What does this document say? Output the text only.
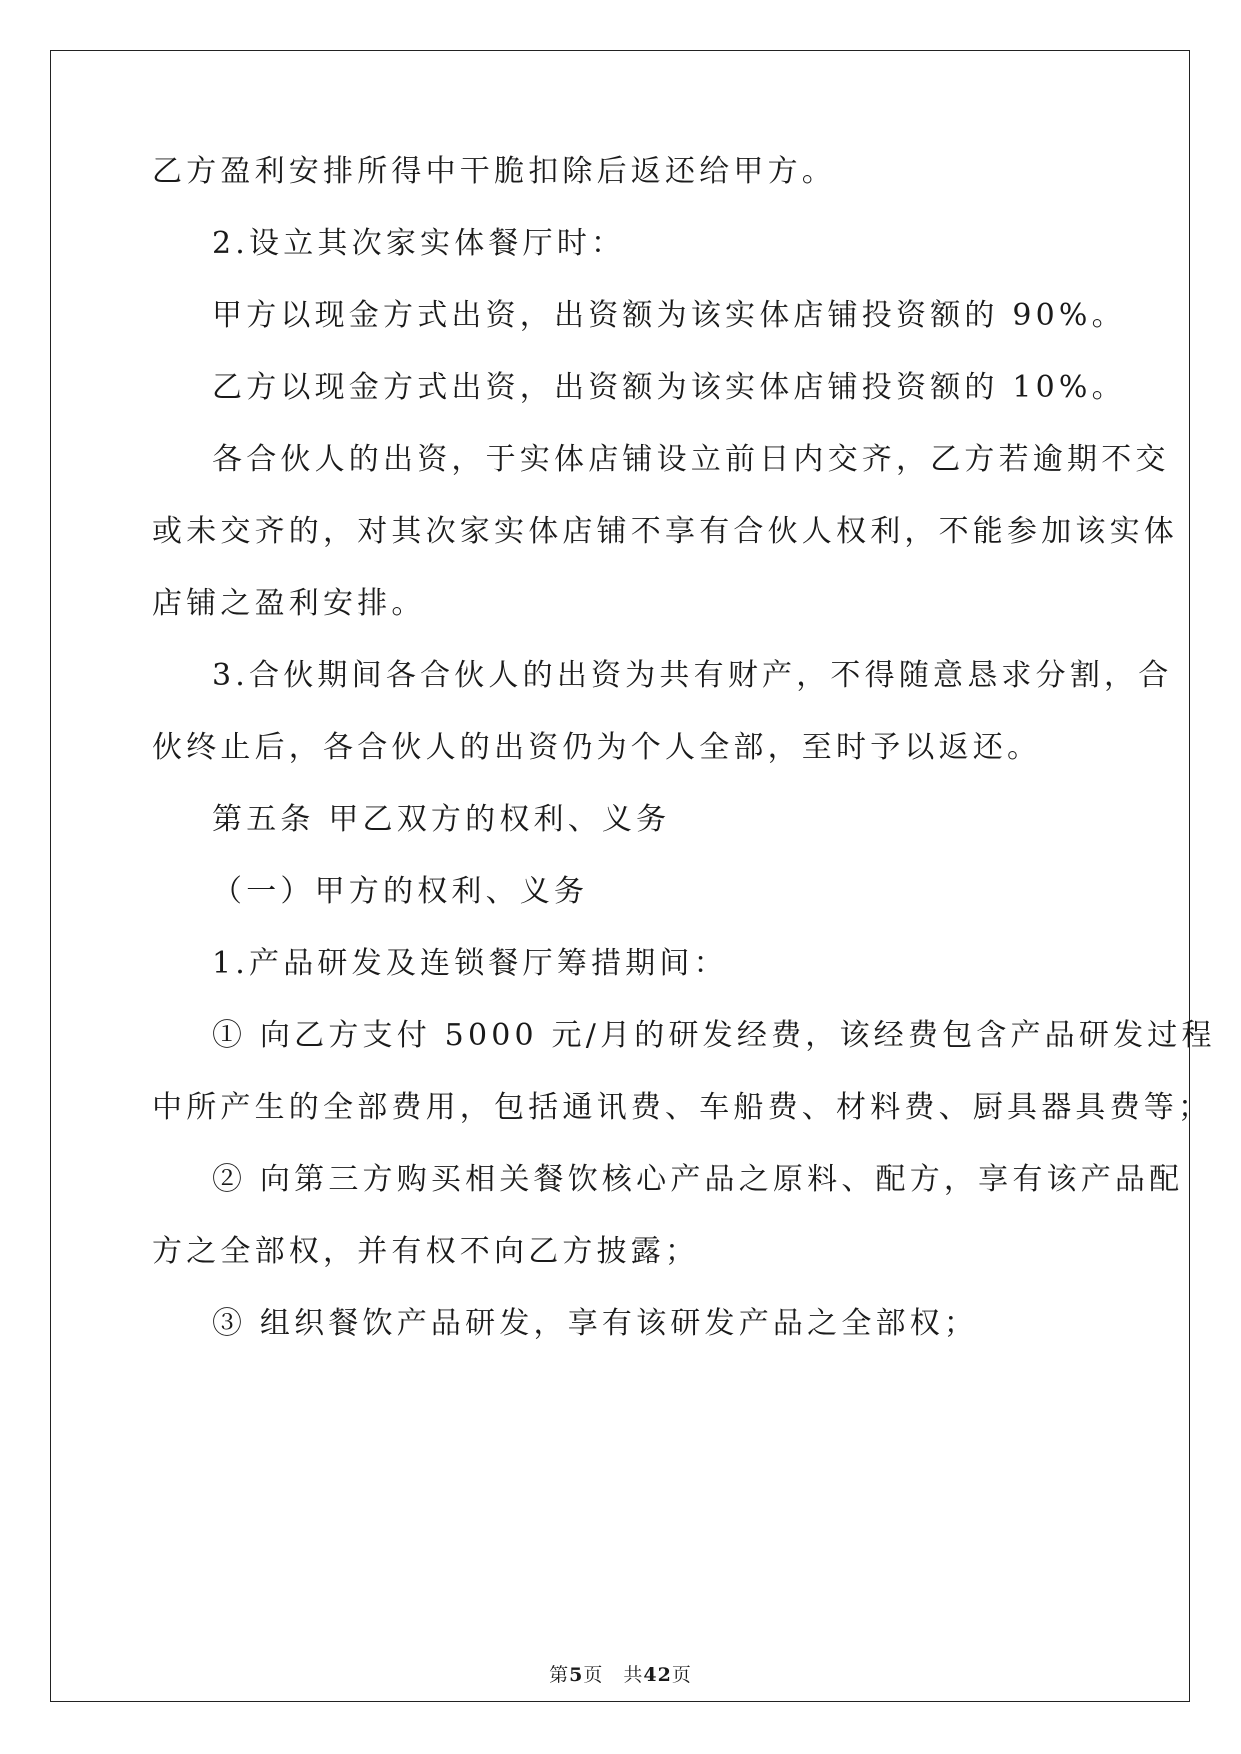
乙方盈利安排所得中干脆扣除后返还给甲方。
2.设立其次家实体餐厅时：
甲方以现金方式出资，出资额为该实体店铺投资额的 90%。
乙方以现金方式出资，出资额为该实体店铺投资额的 10%。
各合伙人的出资，于实体店铺设立前日内交齐，乙方若逾期不交
或未交齐的，对其次家实体店铺不享有合伙人权利，不能参加该实体
店铺之盈利安排。
3.合伙期间各合伙人的出资为共有财产，不得随意恳求分割，合
伙终止后，各合伙人的出资仍为个人全部，至时予以返还。
第五条 甲乙双方的权利、义务
（一）甲方的权利、义务
1.产品研发及连锁餐厅筹措期间：
① 向乙方支付 5000 元/月的研发经费，该经费包含产品研发过程
中所产生的全部费用，包括通讯费、车船费、材料费、厨具器具费等；
② 向第三方购买相关餐饮核心产品之原料、配方，享有该产品配
方之全部权，并有权不向乙方披露；
③ 组织餐饮产品研发，享有该研发产品之全部权；
第5页 共42页
